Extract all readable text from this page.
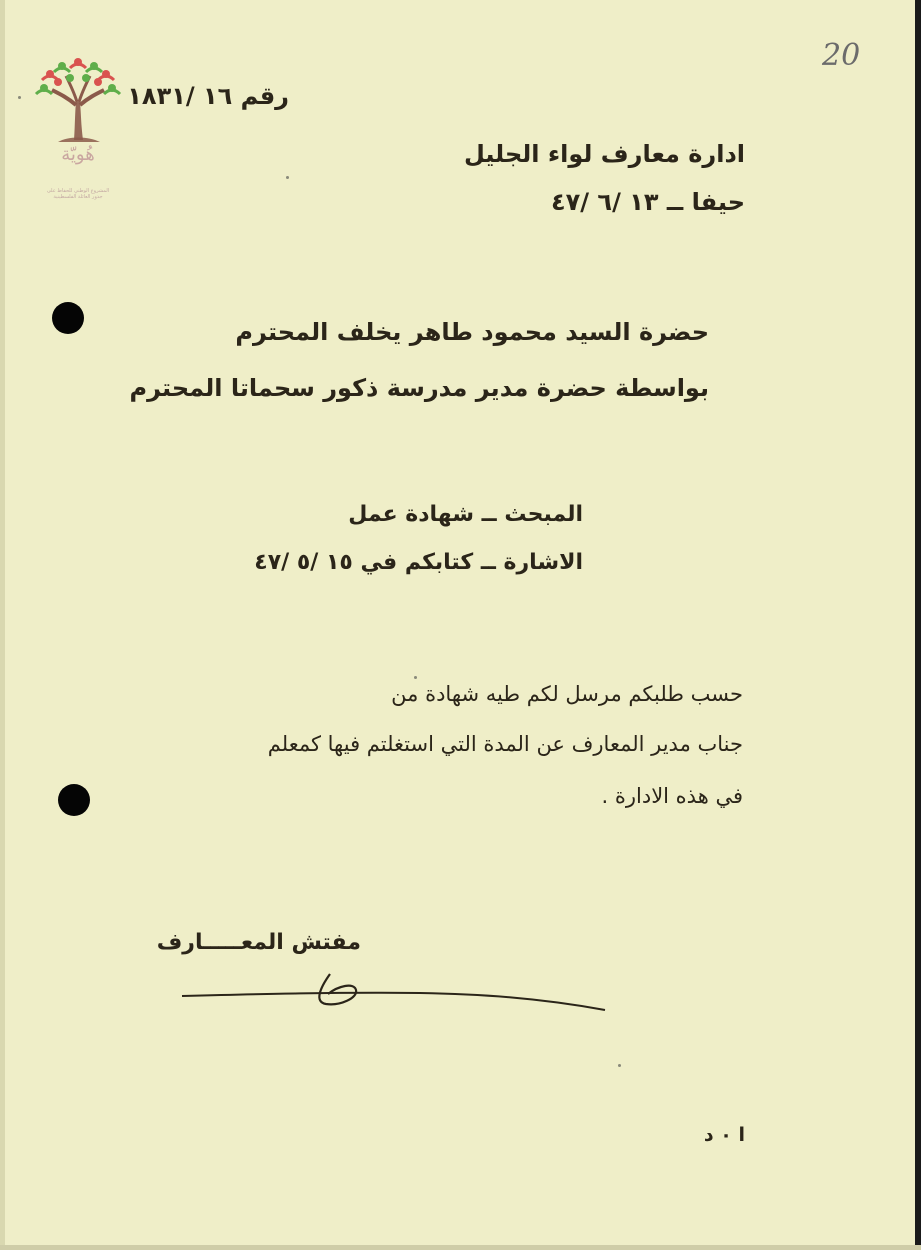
هُويّة
المشروع الوطني للحفاظ على
جذور العائلة الفلسطينية
20
رقم ١٦ /١٨٣١
ادارة معارف لواء الجليل
حيفا ــ ١٣ /٦ /٤٧
حضرة السيد محمود طاهر يخلف المحترم
بواسطة حضرة مدير مدرسة ذكور سحماتا المحترم
المبحث ــ شهادة عمل
الاشارة ــ كتابكم في ١٥ /٥ /٤٧
حسب طلبكم مرسل لكم طيه شهادة من
جناب مدير المعارف عن المدة التي استغلتم فيها كمعلم
في هذه الادارة .
مفتش المعـــــارف
ا ٠ د
